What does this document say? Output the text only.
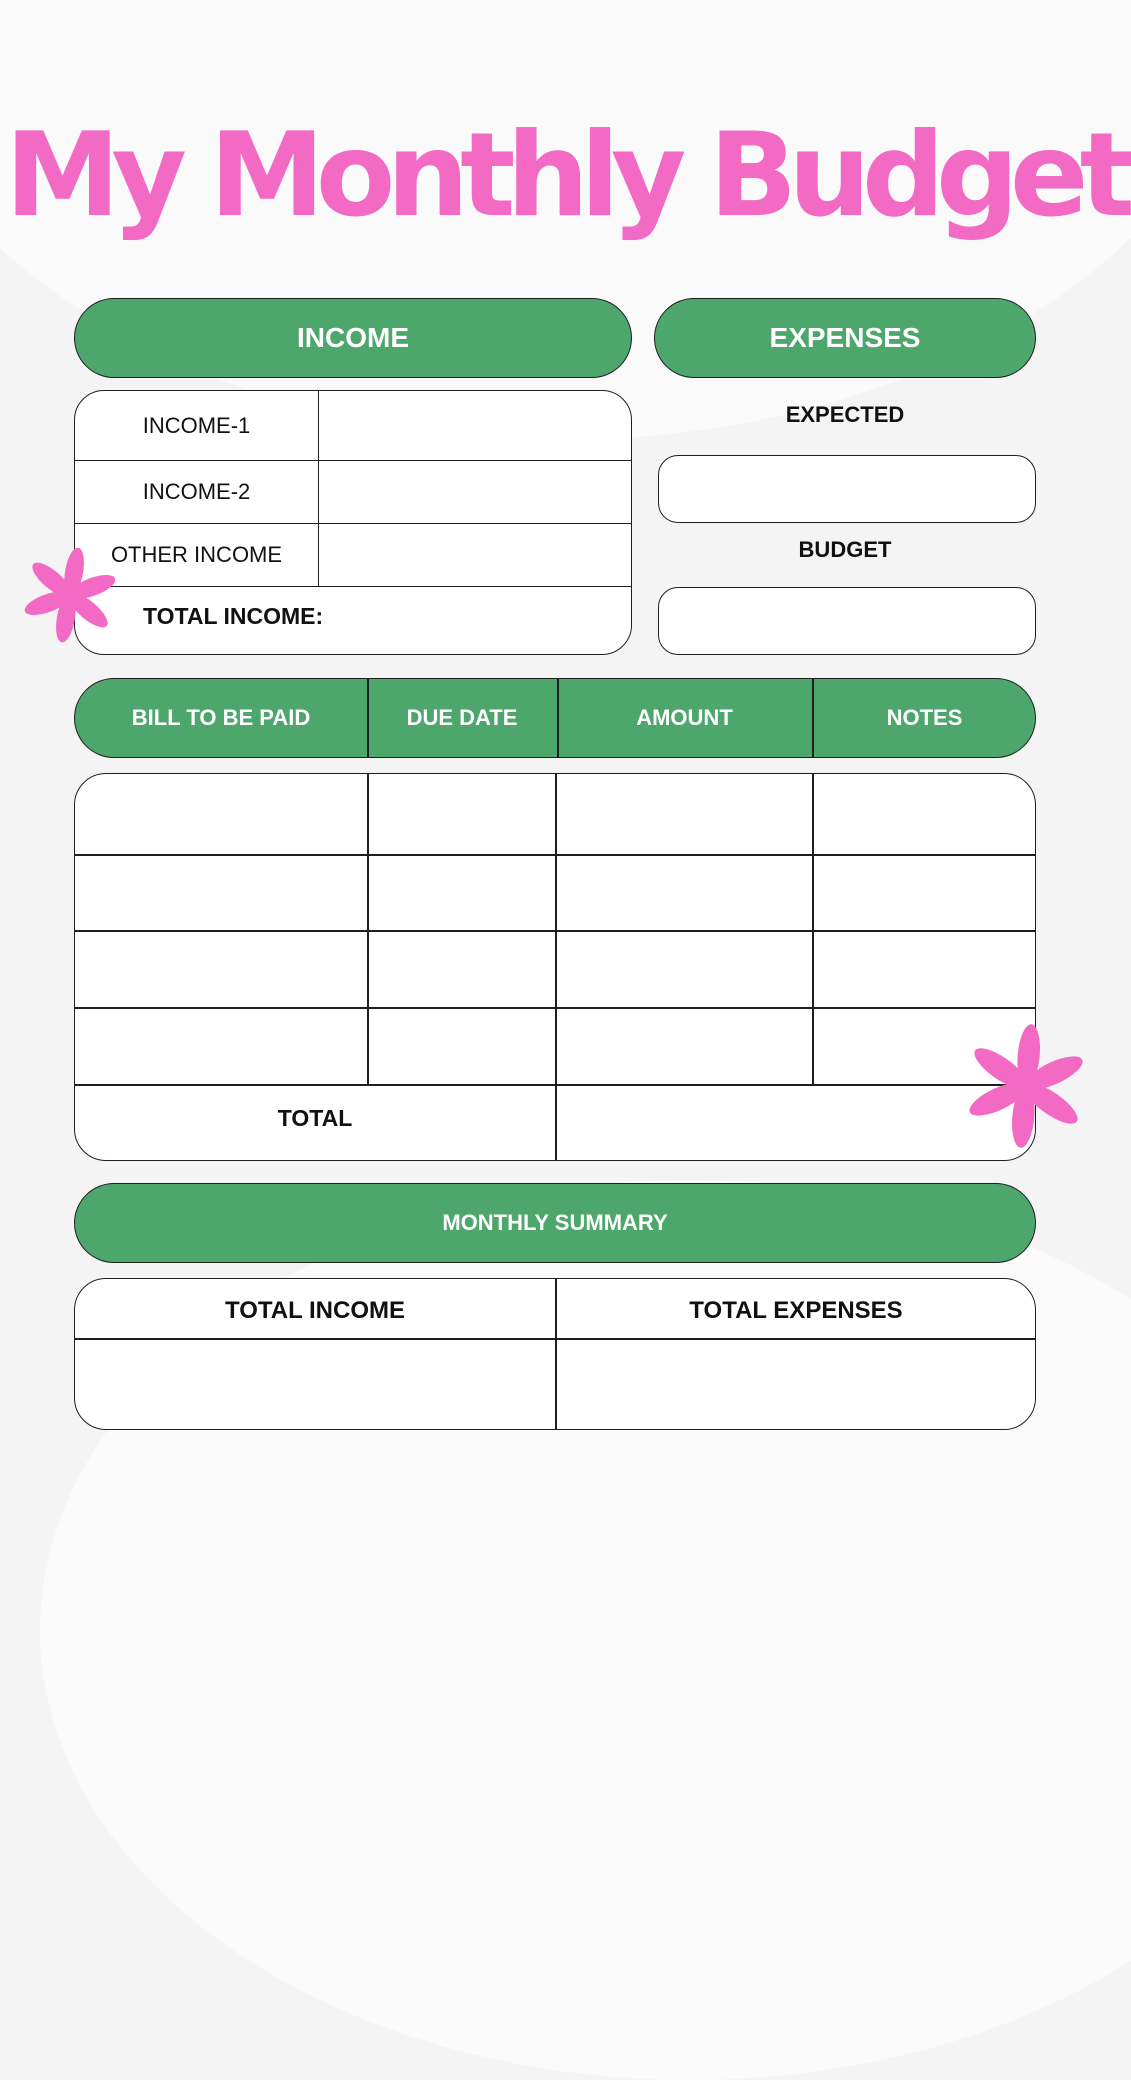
My Monthly Budget
INCOME
INCOME-1
INCOME-2
OTHER INCOME
TOTAL INCOME:
EXPENSES
EXPECTED
BUDGET
BILL TO BE PAID	DUE DATE	AMOUNT	NOTES
TOTAL
MONTHLY SUMMARY
TOTAL INCOME	TOTAL EXPENSES
